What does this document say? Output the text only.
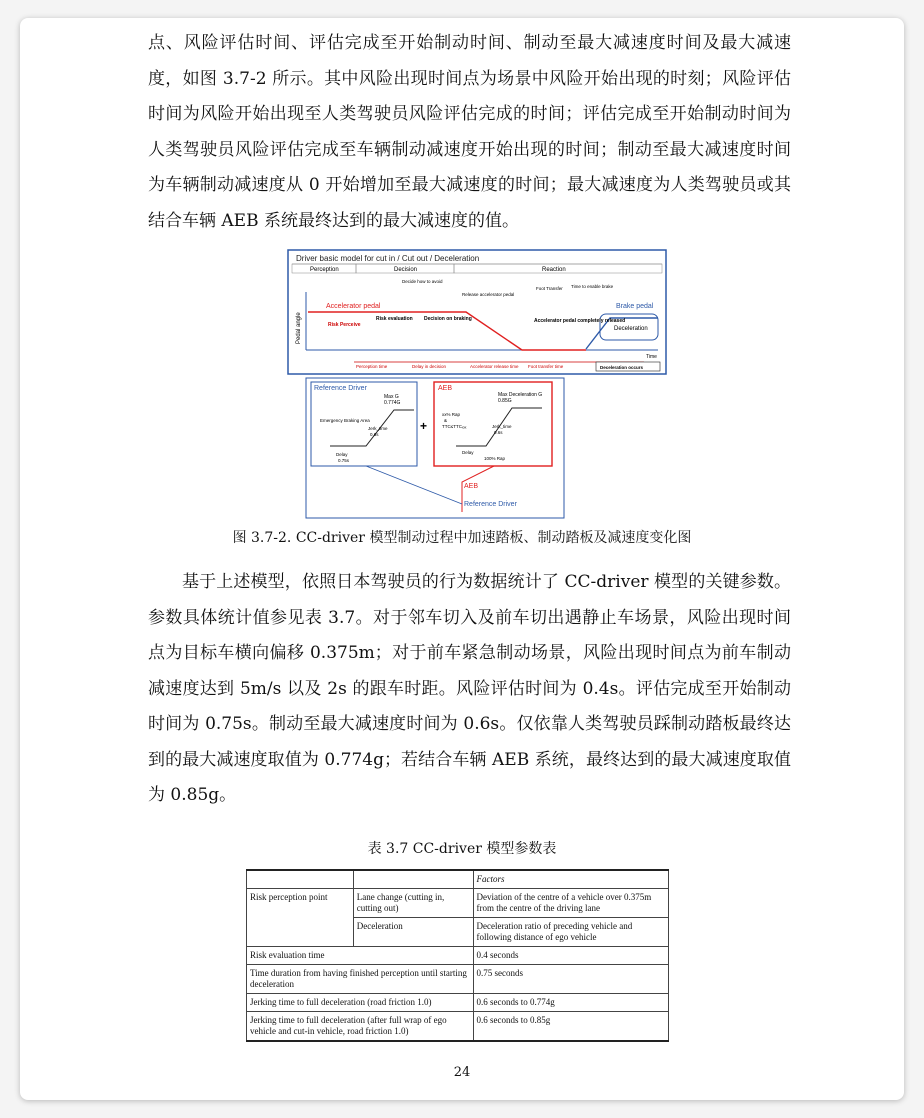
点、风险评估时间、评估完成至开始制动时间、制动至最大减速度时间及最大减速度，如图 3.7-2 所示。其中风险出现时间点为场景中风险开始出现的时刻；风险评估时间为风险开始出现至人类驾驶员风险评估完成的时间；评估完成至开始制动时间为人类驾驶员风险评估完成至车辆制动减速度开始出现的时间；制动至最大减速度时间为车辆制动减速度从 0 开始增加至最大减速度的时间；最大减速度为人类驾驶员或其结合车辆 AEB 系统最终达到的最大减速度的值。

Driver basic model for cut in / Cut out / Deceleration
Perception	Decision	Reaction
Decide how to avoid
Release accelerator pedal
Foot Transfer Time to enable brake
Pedal angle
Time
Accelerator pedal	Brake pedal
Deceleration
Risk Perceive
Risk evaluation Decision on braking	Accelerator pedal completely released
Perception time	Delay in decision	Accelerator release time Foot transfer time	Deceleration occurs
Reference Driver
Max G
0.774G
Emergency Braking Area
Jerk_time
0.6s
Delay
0.75s
+
AEB
Max Deceleration G
0.85G
xx% Rap
&
TTC≤TTCₓₓₓ	Jerk_time
0.6s
Delay
100% Rap
AEB
Reference Driver
图 3.7-2. CC-driver 模型制动过程中加速踏板、制动踏板及减速度变化图

基于上述模型，依照日本驾驶员的行为数据统计了 CC-driver 模型的关键参数。参数具体统计值参见表 3.7。对于邻车切入及前车切出遇静止车场景，风险出现时间点为目标车横向偏移 0.375m；对于前车紧急制动场景，风险出现时间点为前车制动减速度达到 5m/s 以及 2s 的跟车时距。风险评估时间为 0.4s。评估完成至开始制动时间为 0.75s。制动至最大减速度时间为 0.6s。仅依靠人类驾驶员踩制动踏板最终达到的最大减速度取值为 0.774g；若结合车辆 AEB 系统，最终达到的最大减速度取值为 0.85g。

表 3.7 CC-driver 模型参数表
		Factors
Risk perception point	Lane change (cutting in, cutting out)	Deviation of the centre of a vehicle over 0.375m from the centre of the driving lane
	Deceleration	Deceleration ratio of preceding vehicle and following distance of ego vehicle
Risk evaluation time		0.4 seconds
Time duration from having finished perception until starting deceleration		0.75 seconds
Jerking time to full deceleration (road friction 1.0)		0.6 seconds to 0.774g
Jerking time to full deceleration (after full wrap of ego vehicle and cut-in vehicle, road friction 1.0)		0.6 seconds to 0.85g
24
